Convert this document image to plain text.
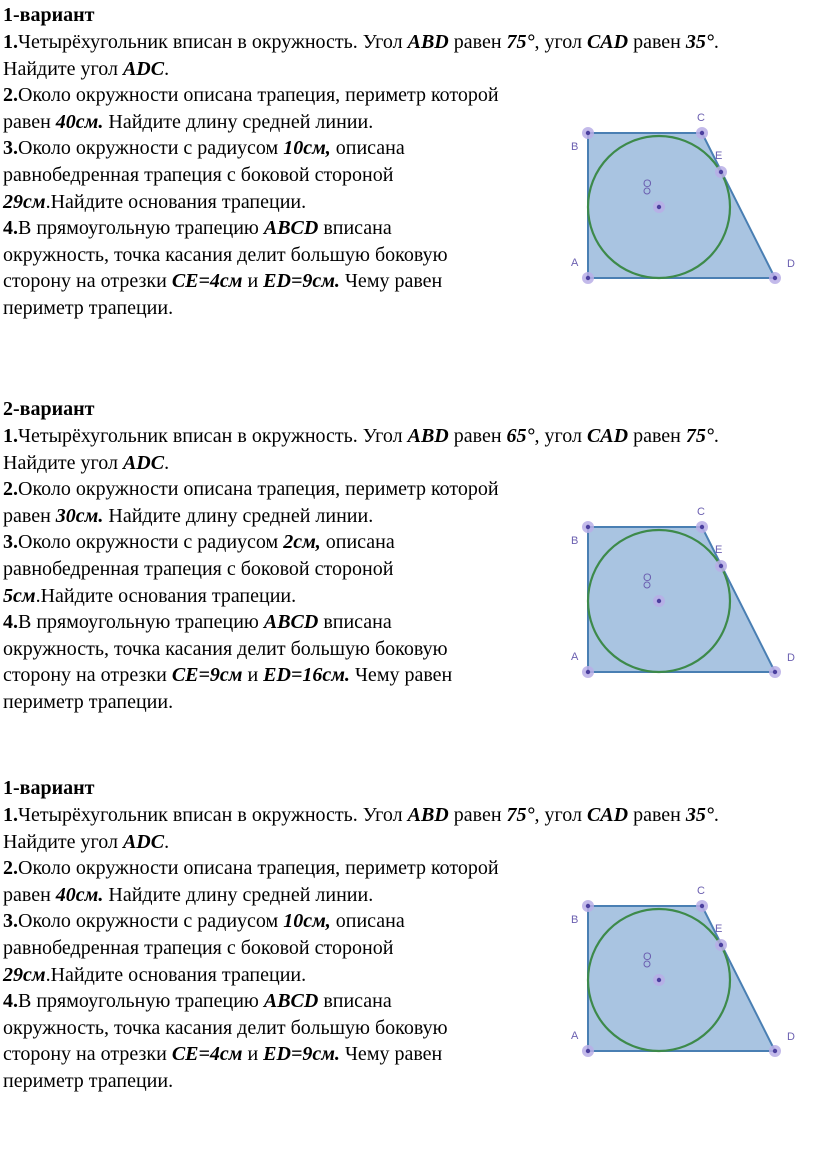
1-вариант
1.Четырёхугольник вписан в окружность. Угол ABD равен 75°, угол CAD равен 35°.
Найдите угол ADC.
2.Около окружности описана трапеция, периметр которой
равен 40см. Найдите длину средней линии.
3.Около окружности с радиусом 10см, описана
равнобедренная трапеция с боковой стороной
29см.Найдите основания трапеции.
4.В прямоугольную трапецию ABCD вписана
окружность, точка касания делит большую боковую
сторону на отрезки CE=4см и ED=9см. Чему равен
периметр трапеции.
2-вариант
1.Четырёхугольник вписан в окружность. Угол ABD равен 65°, угол CAD равен 75°.
Найдите угол ADC.
2.Около окружности описана трапеция, периметр которой
равен 30см. Найдите длину средней линии.
3.Около окружности с радиусом 2см, описана
равнобедренная трапеция с боковой стороной
5см.Найдите основания трапеции.
4.В прямоугольную трапецию ABCD вписана
окружность, точка касания делит большую боковую
сторону на отрезки CE=9см и ED=16см. Чему равен
периметр трапеции.
1-вариант
1.Четырёхугольник вписан в окружность. Угол ABD равен 75°, угол CAD равен 35°.
Найдите угол ADC.
2.Около окружности описана трапеция, периметр которой
равен 40см. Найдите длину средней линии.
3.Около окружности с радиусом 10см, описана
равнобедренная трапеция с боковой стороной
29см.Найдите основания трапеции.
4.В прямоугольную трапецию ABCD вписана
окружность, точка касания делит большую боковую
сторону на отрезки CE=4см и ED=9см. Чему равен
периметр трапеции.
A
B
C
D
E
O
A
B
C
D
E
O
A
B
C
D
E
O
